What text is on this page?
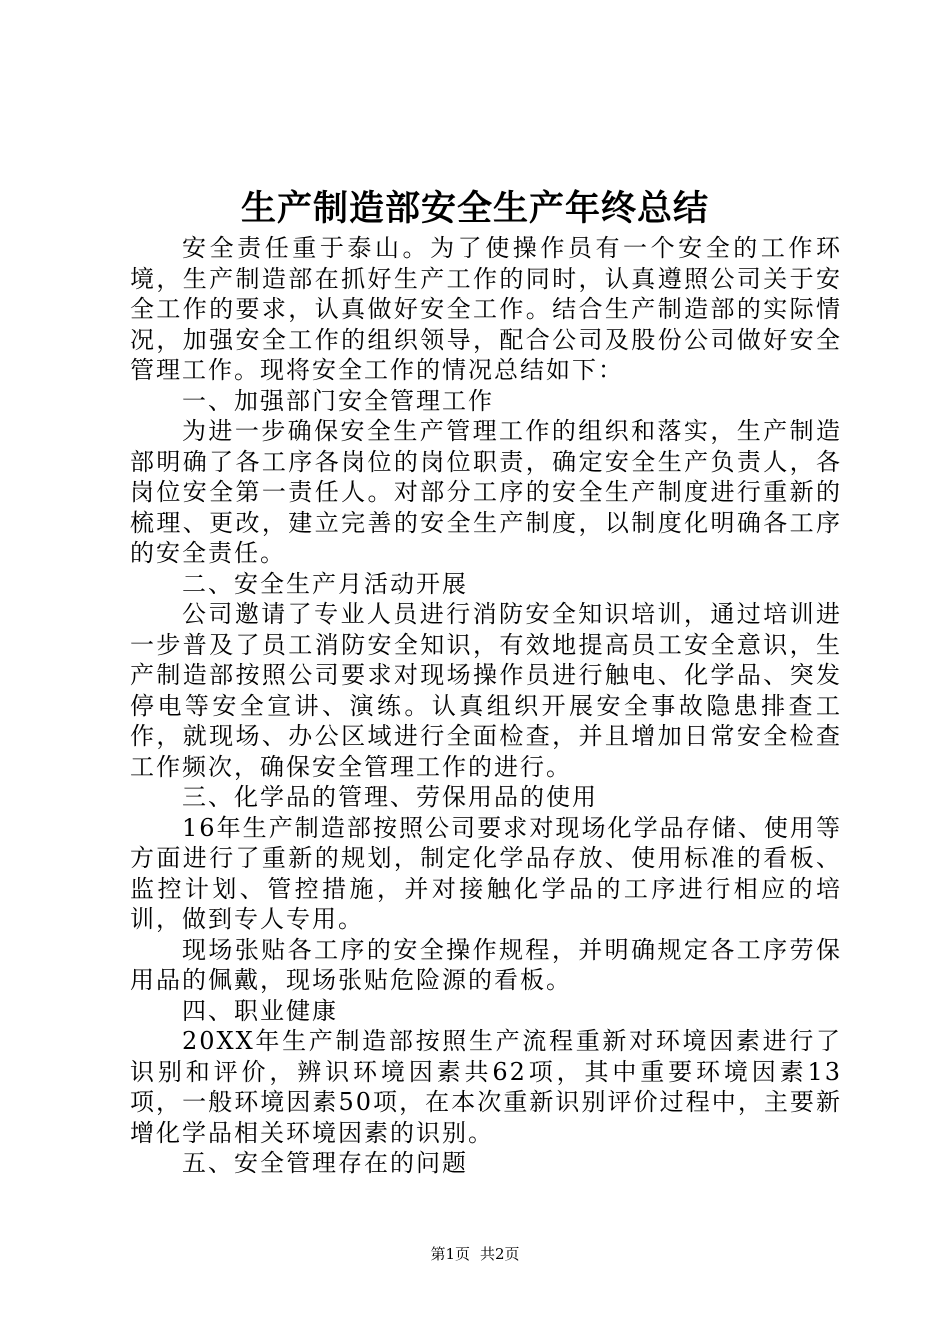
生产制造部安全生产年终总结

安全责任重于泰山。为了使操作员有一个安全的工作环境，生产制造部在抓好生产工作的同时，认真遵照公司关于安全工作的要求，认真做好安全工作。结合生产制造部的实际情况，加强安全工作的组织领导，配合公司及股份公司做好安全管理工作。现将安全工作的情况总结如下：

一、加强部门安全管理工作

为进一步确保安全生产管理工作的组织和落实，生产制造部明确了各工序各岗位的岗位职责，确定安全生产负责人，各岗位安全第一责任人。对部分工序的安全生产制度进行重新的梳理、更改，建立完善的安全生产制度，以制度化明确各工序的安全责任。

二、安全生产月活动开展

公司邀请了专业人员进行消防安全知识培训，通过培训进一步普及了员工消防安全知识，有效地提高员工安全意识，生产制造部按照公司要求对现场操作员进行触电、化学品、突发停电等安全宣讲、演练。认真组织开展安全事故隐患排查工作，就现场、办公区域进行全面检查，并且增加日常安全检查工作频次，确保安全管理工作的进行。

三、化学品的管理、劳保用品的使用

16年生产制造部按照公司要求对现场化学品存储、使用等方面进行了重新的规划，制定化学品存放、使用标准的看板、监控计划、管控措施，并对接触化学品的工序进行相应的培训，做到专人专用。

现场张贴各工序的安全操作规程，并明确规定各工序劳保用品的佩戴，现场张贴危险源的看板。

四、职业健康

20XX年生产制造部按照生产流程重新对环境因素进行了识别和评价，辨识环境因素共62项，其中重要环境因素13项，一般环境因素50项，在本次重新识别评价过程中，主要新增化学品相关环境因素的识别。

五、安全管理存在的问题

第1页 共2页
